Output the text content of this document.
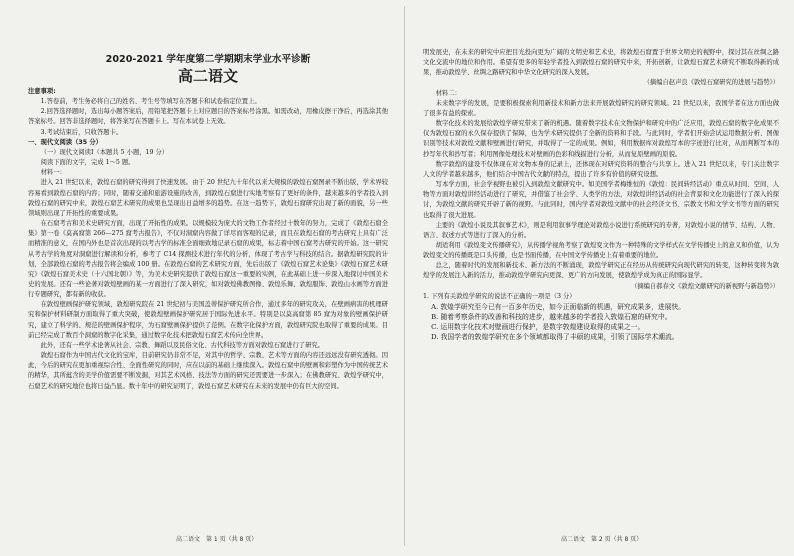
2020-2021 学年度第二学期期末学业水平诊断
高二语文
注意事项:
1.答卷前，考生务必将自己的姓名、考生号等填写在答题卡和试卷指定位置上。
2.回答选择题时，选出每小题答案后，用铅笔把答题卡上对应题目的答案标号涂黑。如需改动，用橡皮擦干净后，再选涂其他答案标号。回答非选择题时，将答案写在答题卡上。写在本试卷上无效。
3.考试结束后，只收答题卡。
一、现代文阅读（35 分）
（一）现代文阅读Ⅰ（本题共 5 小题，19 分）
阅读下面的文字，完成 1～5 题。
材料一：
进入 21 世纪以来，敦煌石窟的研究得到了快速发展。由于 20 世纪九十年代以来大规模的敦煌石窟图录不断出版，学术界较容易看到敦煌石窟的内容；同时，随着交通和旅游设施的改善，到敦煌石窟进行实地考察有了更好的条件，越来越多的学者投入到敦煌石窟的研究中来，敦煌石窟艺术研究的成果也呈现出日益增多的趋势。在这一趋势下，敦煌石窟研究出现了新的面貌，另一些领域则出现了开拓性的重要成果。
在石窟考古和美术史研究方面，出现了开拓性的成果。以规模较为庞大的文物工作者经过十数年的努力，完成了《敦煌石窟全集》第一卷《莫高窟第 266—275 窟考古报告》，不仅对洞窟内容做了详尽而客观的记录，而且在敦煌石窟的考古研究上具有广泛而精准的意义，在国内外也是首次出现的以考古学的标准全面细致地记录石窟的成果，标志着中国石窟考古研究的开始。这一研究从考古学的角度对洞窟进行解读和分析，参考了 C14 探测技术进行年代的分析，体现了考古学与科技的结合。据敦煌研究院的计划，全部敦煌石窟的考古报告将会编成 100 册。在敦煌石窟的艺术研究方面，先后出版了《敦煌石窟艺术论集》《敦煌石窟艺术研究》《敦煌石窟美术史（十六国北朝）》等，为美术史研究提供了敦煌石窟这一重要的实例，在此基础上进一步深入地探讨中国美术史的发展。还有一些论著对敦煌壁画的某一方面进行了深入研究，如对敦煌佛教图像、敦煌乐舞、敦煌服饰、敦煌山水画等方面进行专题研究，都有新的收获。
在敦煌壁画保护研究领域，敦煌研究院在 21 世纪初与美国盖蒂保护研究所合作，通过多年的研究攻关，在壁画病害的机理研究和保护材料研制方面取得了重大突破，使敦煌壁画保护研究居于国际先进水平。特别是以莫高窟第 85 窟为对象的壁画保护研究，建立了科学的、规范的壁画保护程序，为石窟壁画保护提供了范例。在数字化保护方面，敦煌研究院也取得了重要的成果。目前已经完成了数百个洞窟的数字化采集，通过数字化技术把敦煌石窟艺术传向全世界。
此外，还有一些学术论著从社会、宗教、舞蹈以及民俗文化、古代科技等方面对敦煌石窟进行了研究。
敦煌石窟作为中国古代文化的宝库，目前研究仍非常不足，对其中的哲学、宗教、艺术等方面的内容还远远没有研究透彻。因此，今后的研究在更加重视综合性、全面性研究的同时，应在以前的基础上继续深入。敦煌石窟中的壁画和彩塑作为中国传统艺术的精华，其所蕴含的美学价值需要不断发掘，对其艺术风格、技法等方面的研究还需要进一步深入；在佛教研究、敦煌学研究中，石窟艺术的研究地位也将日益凸显。数十年中的研究证明了，敦煌石窟艺术研究在未来的发展中仍有巨大的空间。
明发展史，在未来的研究中应把目光投向更为广阔的文明史和艺术史，将敦煌石窟置于世界文明史的视野中，探讨其在丝绸之路文化交流中的地位和作用。希望有更多的年轻学者投入到敦煌石窟的研究中来，开拓创新，让敦煌石窟艺术研究不断取得新的成果，推动敦煌学、丝绸之路研究和中华文化研究的深入发展。
（摘编自赵声良《敦煌石窟研究的进展与趋势》）
材料二：
未来数字学的发展，是要积极探索利用新技术和新方法来开展敦煌研究的研究领域。21 世纪以来，我国学者在这方面也做了很多有益的探索。
数字化技术的发展给敦煌学研究带来了新的机遇。随着数字技术在文物保护和研究中的广泛应用，敦煌石窟的数字化成果不仅为敦煌石窟的永久保存提供了保障，也为学术研究提供了全新的资料和手段。与此同时，学者们开始尝试运用数据分析、图像识别等技术对敦煌文献和壁画进行研究，并取得了一定的成果。例如，利用数据库对敦煌写本的字迹进行比对，从而判断写本的抄写年代和抄写者；利用图像处理技术对壁画的色彩和线描进行分析，从而复原壁画的原貌。
数字敦煌的建设不仅体现在对文物本身的记录上，还体现在对研究资料的整合与共享上。进入 21 世纪以来，专门关注数字人文的学者越来越多，他们结合中国古代文献的特点，提出了许多有价值的研究设想。
写本学方面，社会学视野也被引入到敦煌文献研究中。如美国学者梅维恒的《敦煌：民间转经活动》重点从时间、空间、人物等方面对敦煌讲经活动进行了研究，并借鉴了社会学、人类学的方法，对敦煌讲经活动的社会背景和文化功能进行了深入的探讨，为敦煌文献的研究开辟了新的视野。与此同时，国内学者对敦煌文献中的社会经济文书、宗教文书和文学文书等方面的研究也取得了很大进展。
主要的《敦煌小说及其叙事艺术》，则是利用叙事学理论对敦煌小说进行系统研究的专著，对敦煌小说的情节、结构、人物、语言、叙述方式等进行了深入的分析。
胡适利用《敦煌变文传播研究》，从传播学视角考察了敦煌变文作为一种特殊的文学样式在文学传播史上的意义和价值，认为敦煌变文的传播既是口头传播，也是书面传播，在中国文学传播史上有着重要的地位。
总之，随着时代的发展和新技术、新方法的不断涌现，敦煌学研究正在经历从传统研究向现代研究的转变，这种转变将为敦煌学的发展注入新的活力，推动敦煌学研究向更深、更广的方向发展，使敦煌学成为真正的国际显学。
（摘编自郝春文《敦煌文献研究的新视野与新趋势》）
1. 下列有关敦煌学研究的说法不正确的一项是（3 分）
A. 敦煌学研究至今已有一百多年历史，如今正面临新的机遇，研究成果多，进展快。
B. 随着考察条件的改善和科技的进步，越来越多的学者投入敦煌石窟的研究中。
C. 运用数字化技术对壁画进行保护，是数字敦煌建设取得的成果之一。
D. 我国学者的敦煌学研究在多个领域都取得了丰硕的成果，引领了国际学术潮流。
高二语文　第 1 页（共 8 页）	高二语文　第 2 页（共 8 页）
